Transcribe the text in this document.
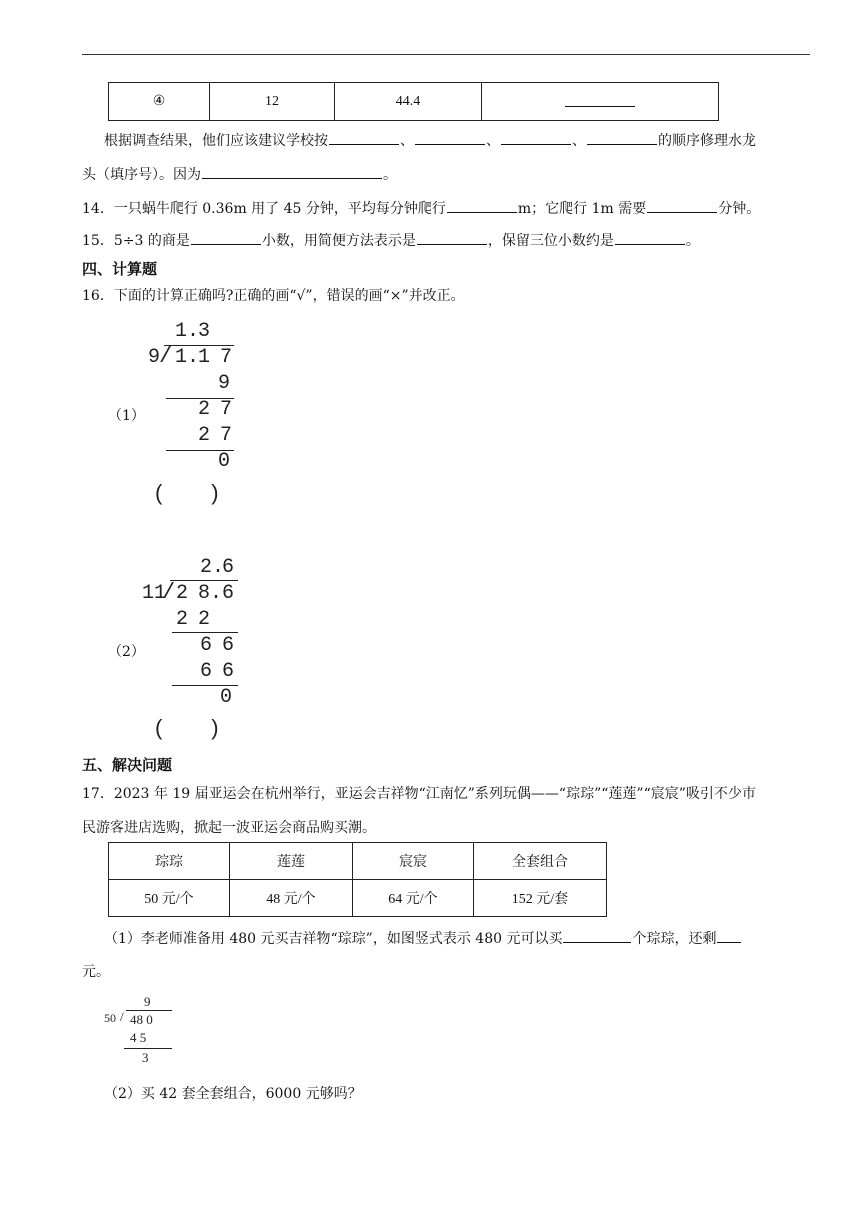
④	12	44.4	
根据调查结果，他们应该建议学校按	、	、	、	的顺序修理水龙
头（填序号）。因为	。
14．一只蜗牛爬行 0.36m 用了 45 分钟，平均每分钟爬行	m；它爬行 1m 需要	分钟。
15．5÷3 的商是	小数，用简便方法表示是	，保留三位小数约是	。
四、计算题
16．下面的计算正确吗?正确的画“√”，错误的画“×”并改正。
（1）
1 .
3
9
/ 1 .
1 7
9
2 7
2 7
0
(        )
（2）
2 .
6
11
/ 2 8 . 6
2 2
6 6
6 6
0
(        )
五、解决问题
17．2023 年 19 届亚运会在杭州举行，亚运会吉祥物“江南忆”系列玩偶——“琮琮”“莲莲”“宸宸”吸引不少市
民游客进店选购，掀起一波亚运会商品购买潮。
琮琮	莲莲	宸宸	全套组合
50 元/个	48 元/个	64 元/个	152 元/套
（1）李老师准备用 480 元买吉祥物“琮琮”，如图竖式表示 480 元可以买	个琮琮，还剩
元。
9
50 / 48 0
4 5
3
（2）买 42 套全套组合，6000 元够吗？
